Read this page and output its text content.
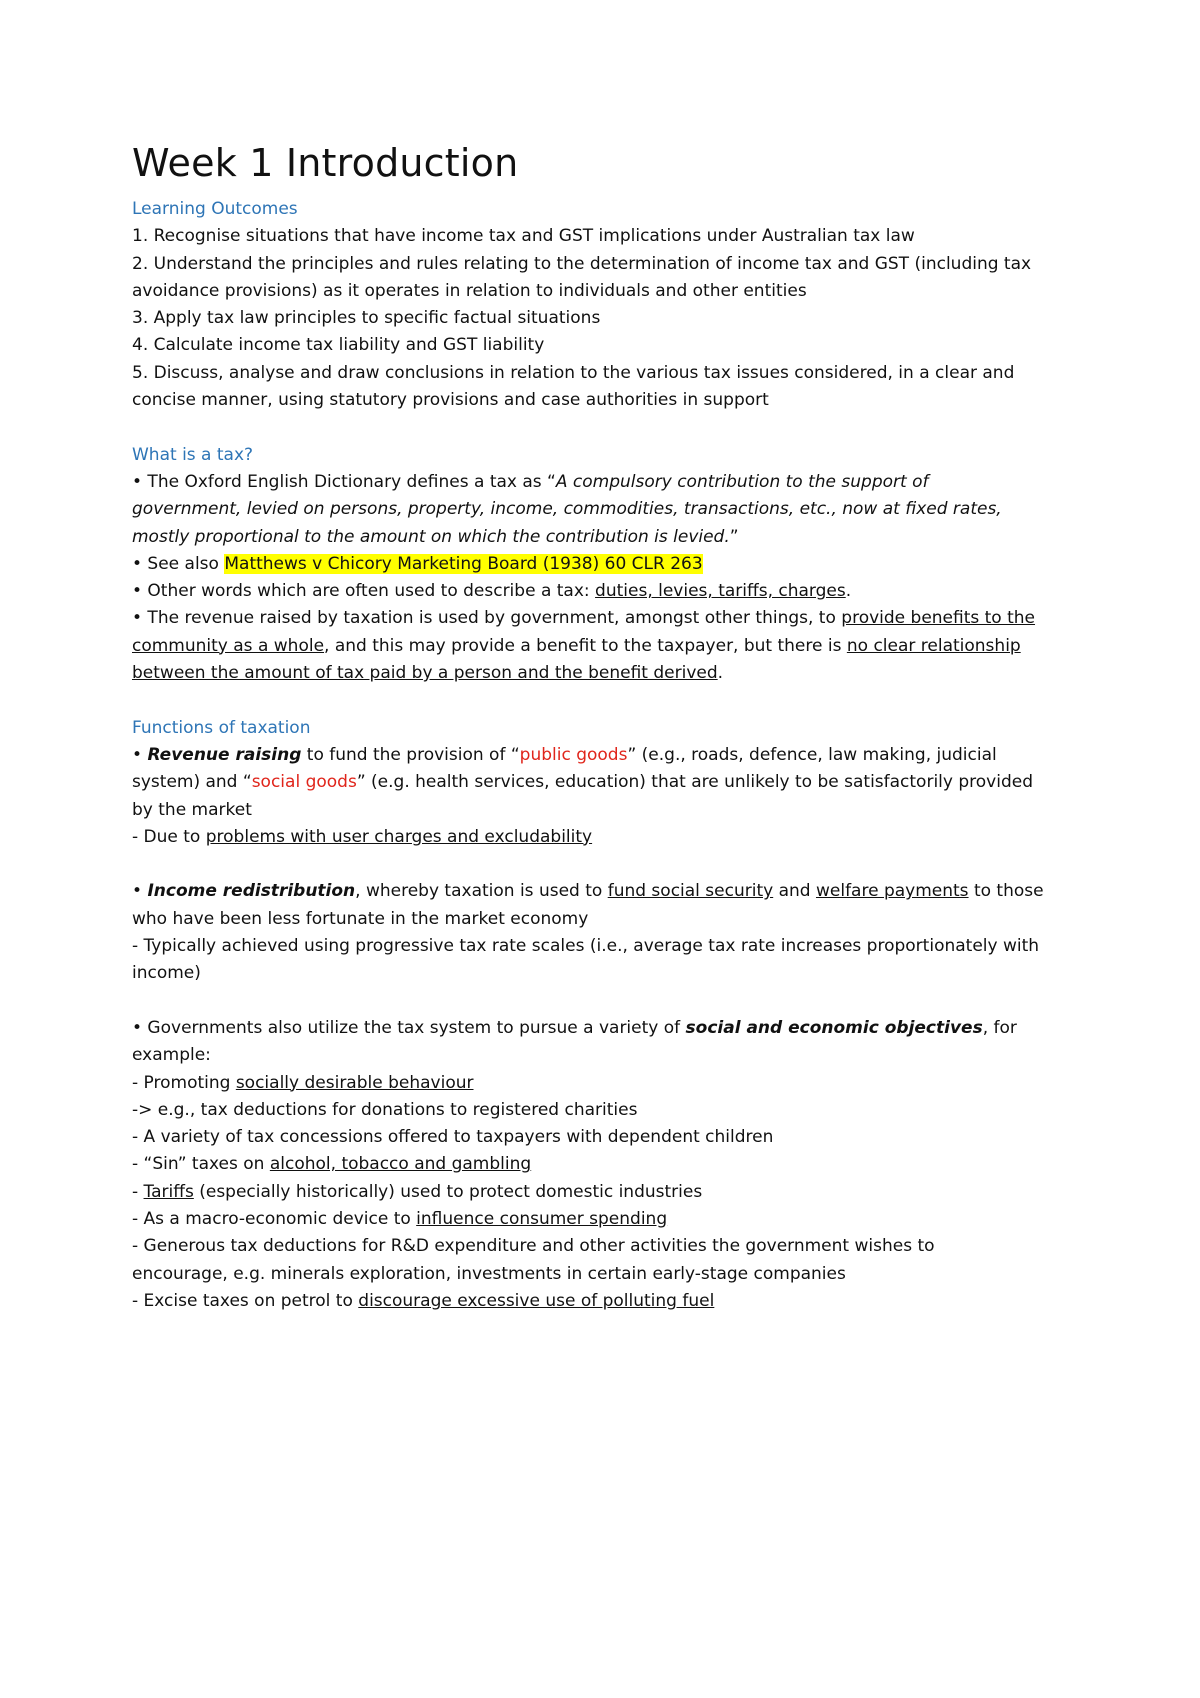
Week 1 Introduction
Learning Outcomes
1. Recognise situations that have income tax and GST implications under Australian tax law
2. Understand the principles and rules relating to the determination of income tax and GST (including tax
avoidance provisions) as it operates in relation to individuals and other entities
3. Apply tax law principles to specific factual situations
4. Calculate income tax liability and GST liability
5. Discuss, analyse and draw conclusions in relation to the various tax issues considered, in a clear and
concise manner, using statutory provisions and case authorities in support
What is a tax?
• The Oxford English Dictionary defines a tax as “A compulsory contribution to the support of
government, levied on persons, property, income, commodities, transactions, etc., now at fixed rates,
mostly proportional to the amount on which the contribution is levied.”
• See also Matthews v Chicory Marketing Board (1938) 60 CLR 263
• Other words which are often used to describe a tax: duties, levies, tariffs, charges.
• The revenue raised by taxation is used by government, amongst other things, to provide benefits to the
community as a whole, and this may provide a benefit to the taxpayer, but there is no clear relationship
between the amount of tax paid by a person and the benefit derived.
Functions of taxation
• Revenue raising to fund the provision of “public goods” (e.g., roads, defence, law making, judicial
system) and “social goods” (e.g. health services, education) that are unlikely to be satisfactorily provided
by the market
- Due to problems with user charges and excludability
• Income redistribution, whereby taxation is used to fund social security and welfare payments to those
who have been less fortunate in the market economy
- Typically achieved using progressive tax rate scales (i.e., average tax rate increases proportionately with
income)
• Governments also utilize the tax system to pursue a variety of social and economic objectives, for
example:
- Promoting socially desirable behaviour
-> e.g., tax deductions for donations to registered charities
- A variety of tax concessions offered to taxpayers with dependent children
- “Sin” taxes on alcohol, tobacco and gambling
- Tariffs (especially historically) used to protect domestic industries
- As a macro-economic device to influence consumer spending
- Generous tax deductions for R&D expenditure and other activities the government wishes to
encourage, e.g. minerals exploration, investments in certain early-stage companies
- Excise taxes on petrol to discourage excessive use of polluting fuel
